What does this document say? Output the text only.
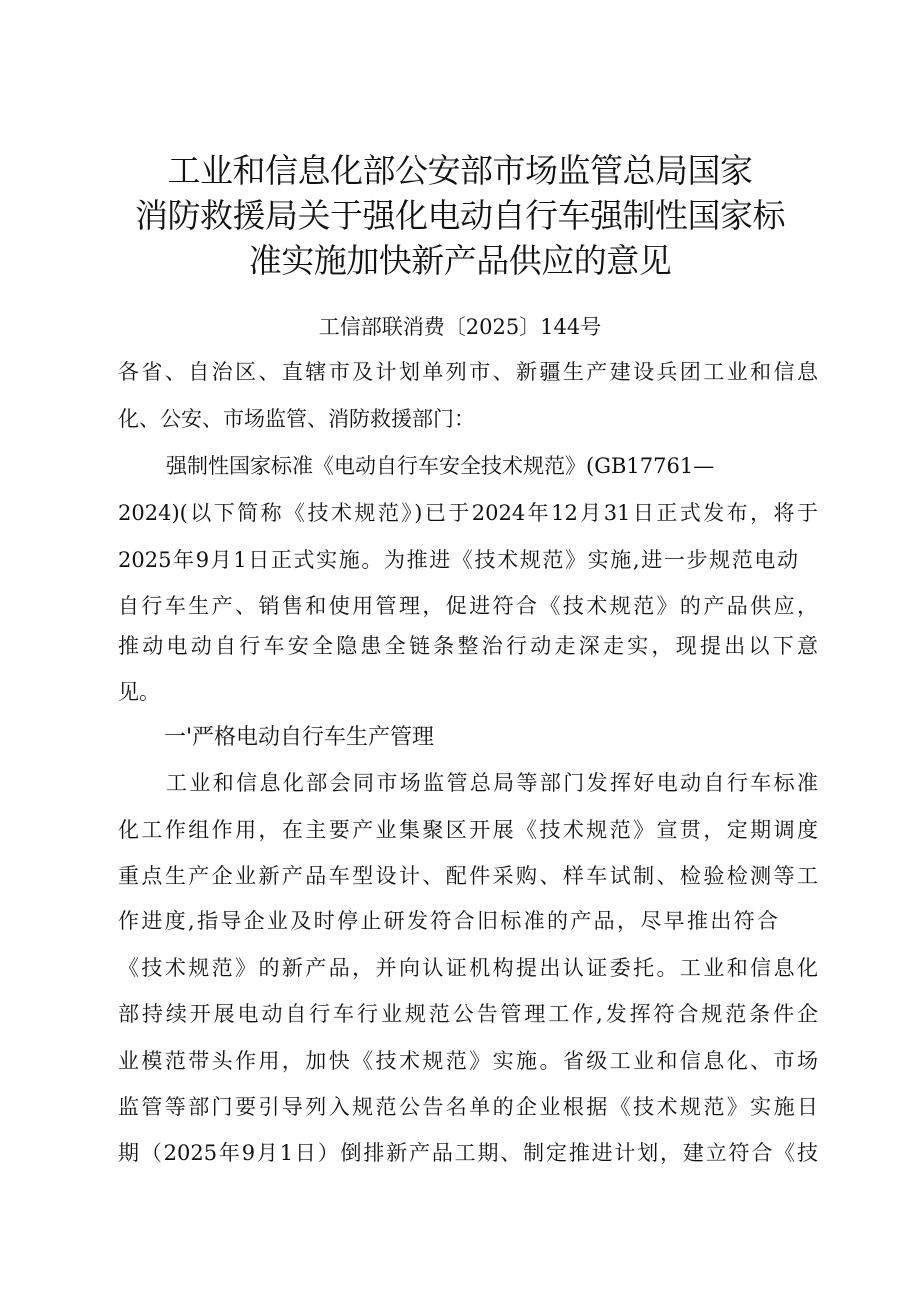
工业和信息化部公安部市场监管总局国家
消防救援局关于强化电动自行车强制性国家标
准实施加快新产品供应的意见
工信部联消费〔2025〕144号
各省、自治区、直辖市及计划单列市、新疆生产建设兵团工业和信息
化、公安、市场监管、消防救援部门：
强制性国家标准《电动自行车安全技术规范》(GB17761—
2024)(以下简称《技术规范》)已于2024年12月31日正式发布，将于
2025年9月1日正式实施。为推进《技术规范》实施,进一步规范电动
自行车生产、销售和使用管理，促进符合《技术规范》的产品供应，
推动电动自行车安全隐患全链条整治行动走深走实，现提出以下意
见。
一'严格电动自行车生产管理
工业和信息化部会同市场监管总局等部门发挥好电动自行车标准
化工作组作用，在主要产业集聚区开展《技术规范》宣贯，定期调度
重点生产企业新产品车型设计、配件采购、样车试制、检验检测等工
作进度,指导企业及时停止研发符合旧标准的产品，尽早推出符合
《技术规范》的新产品，并向认证机构提出认证委托。工业和信息化
部持续开展电动自行车行业规范公告管理工作,发挥符合规范条件企
业模范带头作用，加快《技术规范》实施。省级工业和信息化、市场
监管等部门要引导列入规范公告名单的企业根据《技术规范》实施日
期（2025年9月1日）倒排新产品工期、制定推进计划，建立符合《技
